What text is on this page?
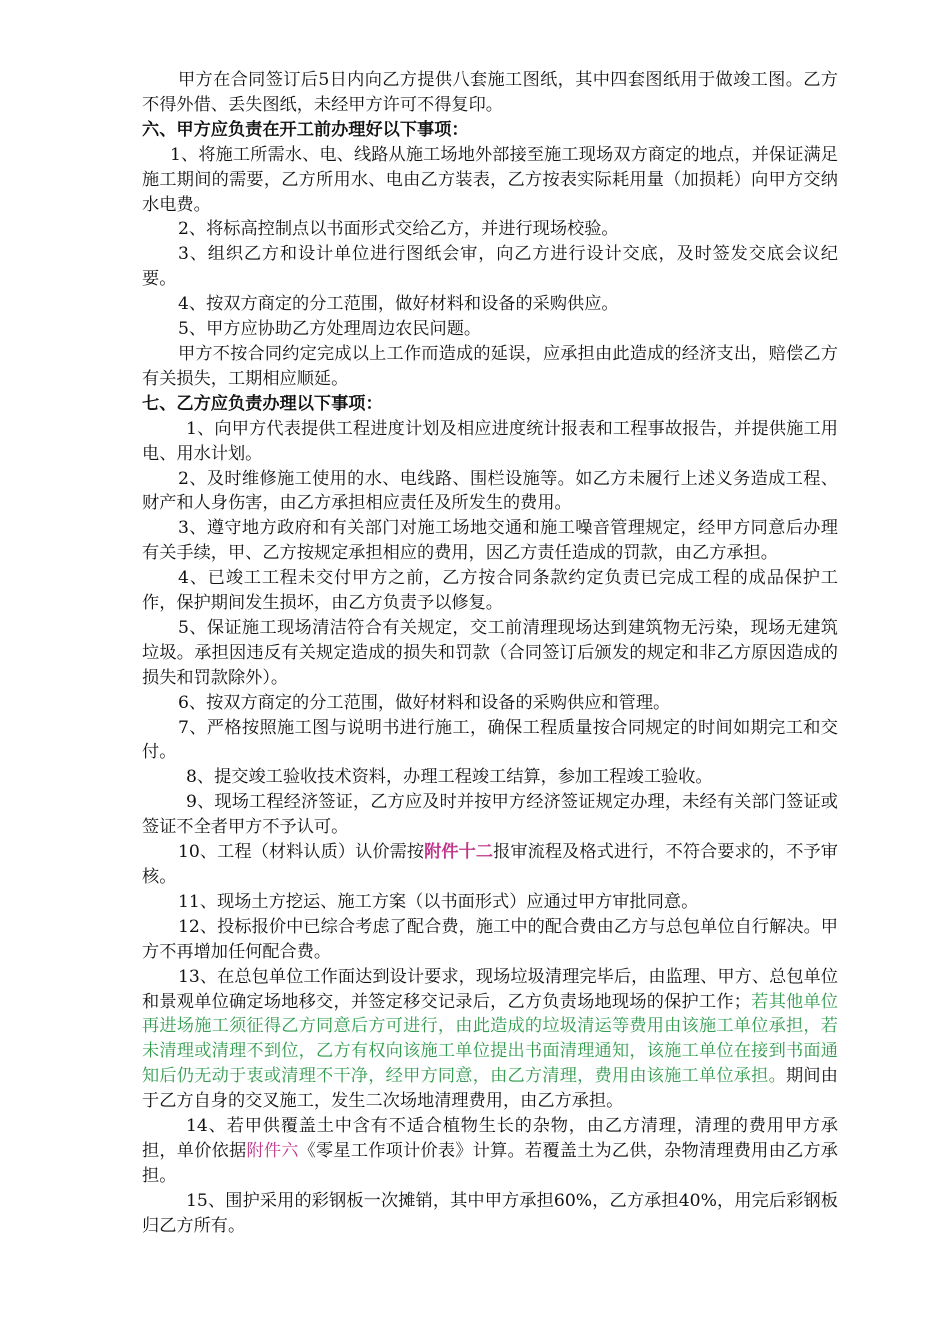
甲方在合同签订后5日内向乙方提供八套施工图纸，其中四套图纸用于做竣工图。乙方不得外借、丢失图纸，未经甲方许可不得复印。

六、甲方应负责在开工前办理好以下事项：

1、将施工所需水、电、线路从施工场地外部接至施工现场双方商定的地点，并保证满足施工期间的需要，乙方所用水、电由乙方装表，乙方按表实际耗用量（加损耗）向甲方交纳水电费。

2、将标高控制点以书面形式交给乙方，并进行现场校验。

3、组织乙方和设计单位进行图纸会审，向乙方进行设计交底，及时签发交底会议纪要。

4、按双方商定的分工范围，做好材料和设备的采购供应。

5、甲方应协助乙方处理周边农民问题。

甲方不按合同约定完成以上工作而造成的延误，应承担由此造成的经济支出，赔偿乙方有关损失，工期相应顺延。

七、乙方应负责办理以下事项：

1、向甲方代表提供工程进度计划及相应进度统计报表和工程事故报告，并提供施工用电、用水计划。

2、及时维修施工使用的水、电线路、围栏设施等。如乙方未履行上述义务造成工程、财产和人身伤害，由乙方承担相应责任及所发生的费用。

3、遵守地方政府和有关部门对施工场地交通和施工噪音管理规定，经甲方同意后办理有关手续，甲、乙方按规定承担相应的费用，因乙方责任造成的罚款，由乙方承担。

4、已竣工工程未交付甲方之前，乙方按合同条款约定负责已完成工程的成品保护工作，保护期间发生损坏，由乙方负责予以修复。

5、保证施工现场清洁符合有关规定，交工前清理现场达到建筑物无污染，现场无建筑垃圾。承担因违反有关规定造成的损失和罚款（合同签订后颁发的规定和非乙方原因造成的损失和罚款除外）。

6、按双方商定的分工范围，做好材料和设备的采购供应和管理。

7、严格按照施工图与说明书进行施工，确保工程质量按合同规定的时间如期完工和交付。

8、提交竣工验收技术资料，办理工程竣工结算，参加工程竣工验收。

9、现场工程经济签证，乙方应及时并按甲方经济签证规定办理，未经有关部门签证或签证不全者甲方不予认可。

10、工程（材料认质）认价需按附件十二报审流程及格式进行，不符合要求的，不予审核。

11、现场土方挖运、施工方案（以书面形式）应通过甲方审批同意。

12、投标报价中已综合考虑了配合费，施工中的配合费由乙方与总包单位自行解决。甲方不再增加任何配合费。

13、在总包单位工作面达到设计要求，现场垃圾清理完毕后，由监理、甲方、总包单位和景观单位确定场地移交，并签定移交记录后，乙方负责场地现场的保护工作；若其他单位再进场施工须征得乙方同意后方可进行，由此造成的垃圾清运等费用由该施工单位承担，若未清理或清理不到位，乙方有权向该施工单位提出书面清理通知，该施工单位在接到书面通知后仍无动于衷或清理不干净，经甲方同意，由乙方清理，费用由该施工单位承担。期间由于乙方自身的交叉施工，发生二次场地清理费用，由乙方承担。

14、若甲供覆盖土中含有不适合植物生长的杂物，由乙方清理，清理的费用甲方承担，单价依据附件六《零星工作项计价表》计算。若覆盖土为乙供，杂物清理费用由乙方承担。

15、围护采用的彩钢板一次摊销，其中甲方承担60%，乙方承担40%，用完后彩钢板归乙方所有。
